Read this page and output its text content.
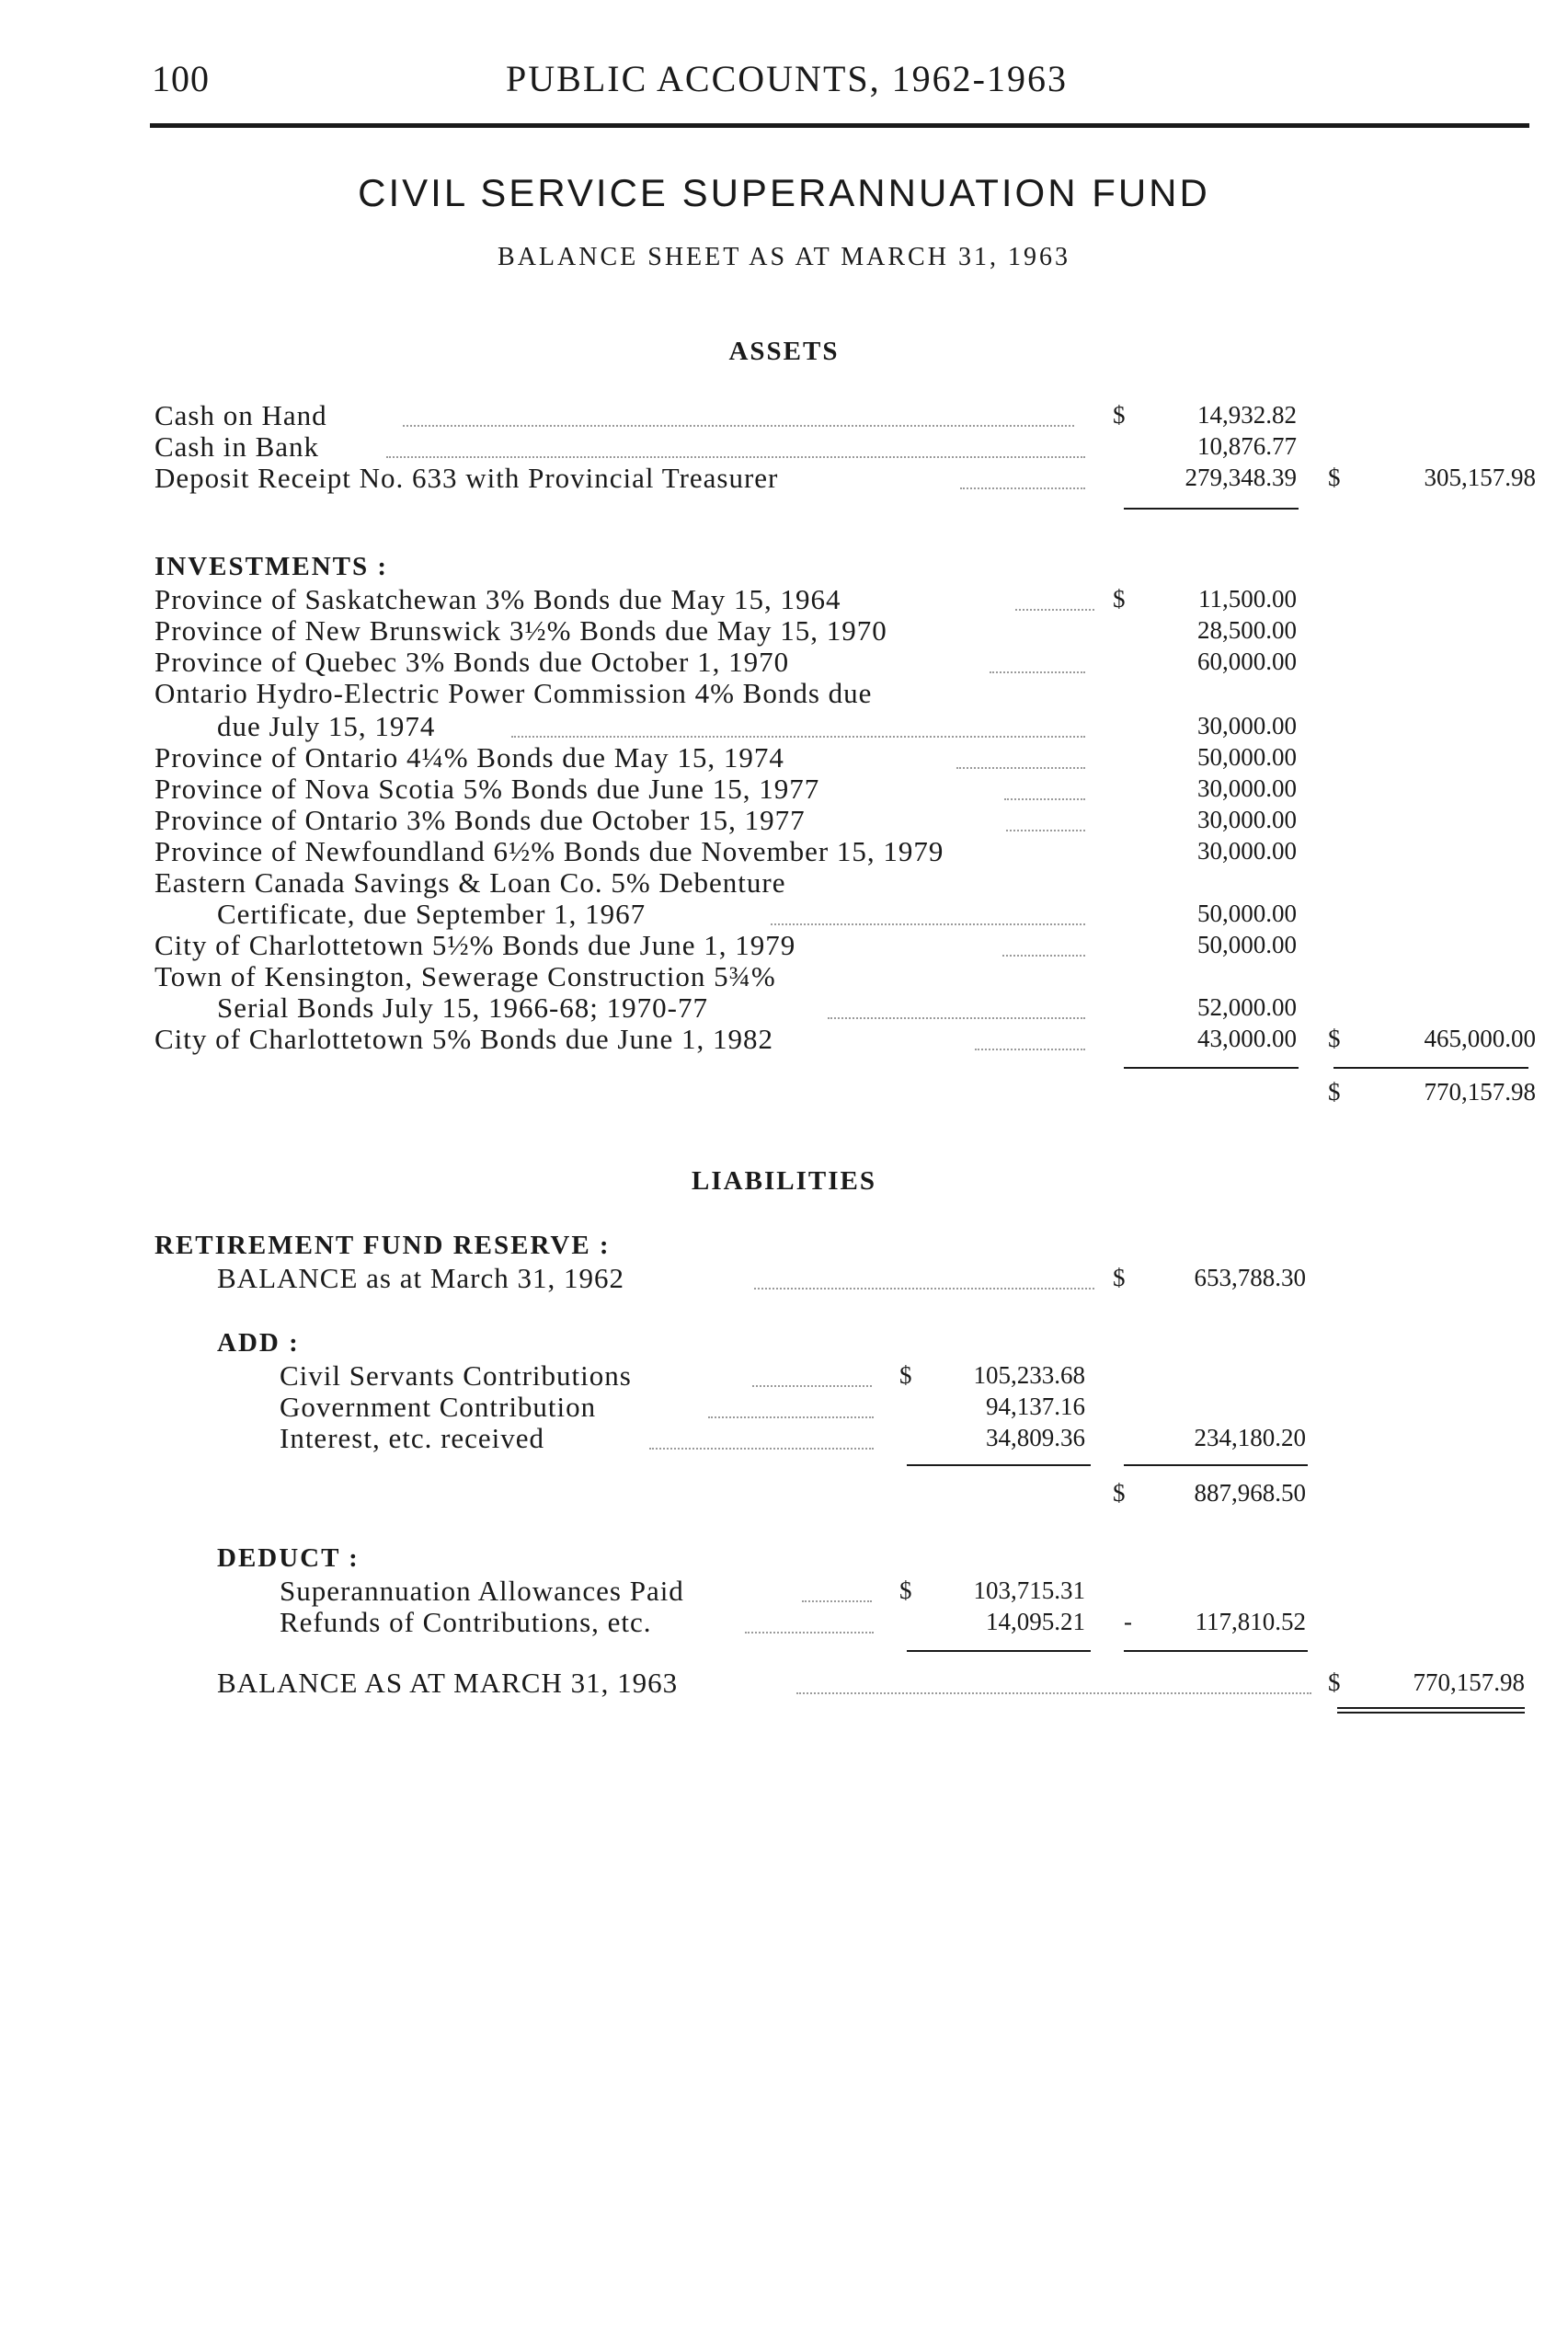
100	PUBLIC ACCOUNTS, 1962-1963
CIVIL SERVICE SUPERANNUATION FUND
BALANCE SHEET AS AT MARCH 31, 1963
ASSETS
Cash on Hand	$	14,932.82
Cash in Bank	10,876.77
Deposit Receipt No. 633 with Provincial Treasurer	279,348.39 $	305,157.98
INVESTMENTS :
Province of Saskatchewan 3% Bonds due May 15, 1964	$	11,500.00
Province of New Brunswick 3½% Bonds due May 15, 1970	28,500.00
Province of Quebec 3% Bonds due October 1, 1970	60,000.00
Ontario Hydro-Electric Power Commission 4% Bonds due
due July 15, 1974	30,000.00
Province of Ontario 4¼% Bonds due May 15, 1974	50,000.00
Province of Nova Scotia 5% Bonds due June 15, 1977	30,000.00
Province of Ontario 3% Bonds due October 15, 1977	30,000.00
Province of Newfoundland 6½% Bonds due November 15, 1979	30,000.00
Eastern Canada Savings & Loan Co. 5% Debenture
Certificate, due September 1, 1967	50,000.00
City of Charlottetown 5½% Bonds due June 1, 1979	50,000.00
Town of Kensington, Sewerage Construction 5¾%
Serial Bonds July 15, 1966-68; 1970-77	52,000.00
City of Charlottetown 5% Bonds due June 1, 1982	43,000.00 $	465,000.00
$	770,157.98
LIABILITIES
RETIREMENT FUND RESERVE :
BALANCE as at March 31, 1962	$	653,788.30
ADD :
Civil Servants Contributions	$	105,233.68
Government Contribution	94,137.16
Interest, etc. received	34,809.36	234,180.20
$	887,968.50
DEDUCT :
Superannuation Allowances Paid	$	103,715.31
Refunds of Contributions, etc.	14,095.21 -	117,810.52
BALANCE AS AT MARCH 31, 1963	$	770,157.98
